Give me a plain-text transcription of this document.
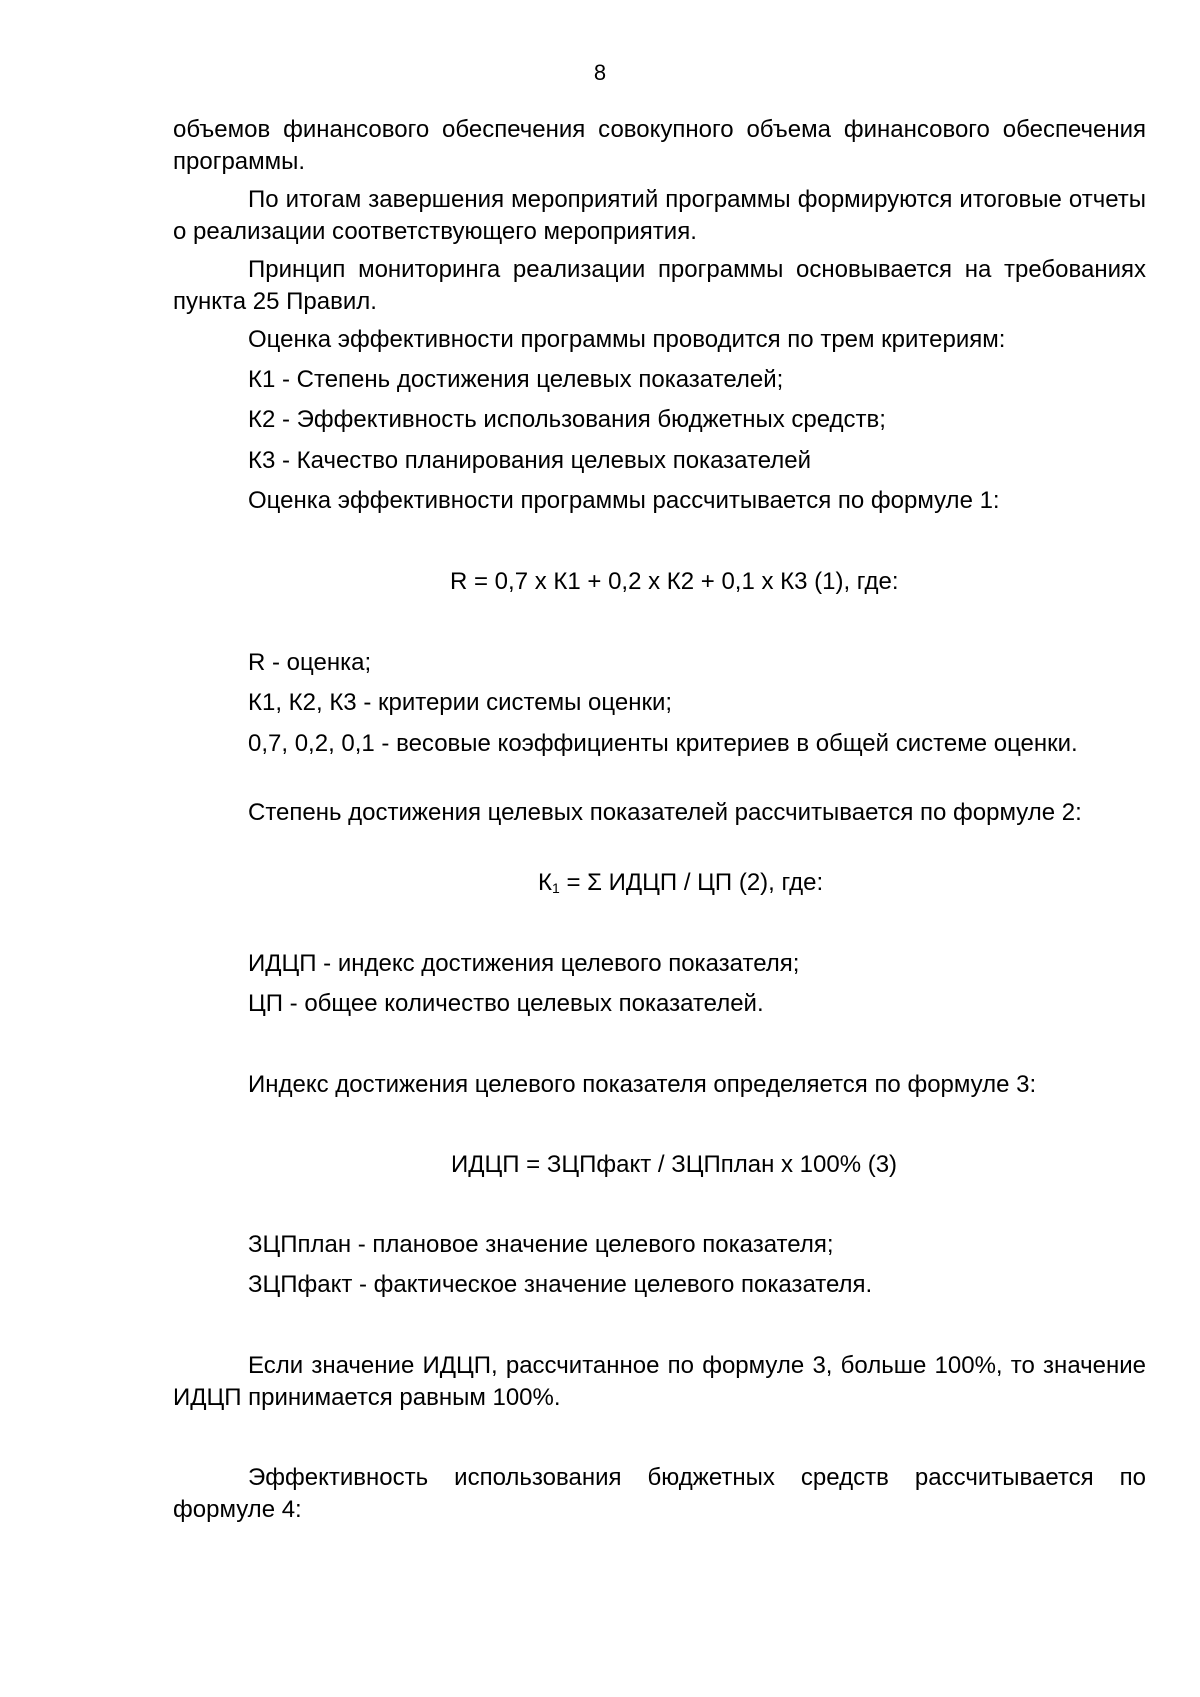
8

объемов финансового обеспечения совокупного объема финансового обеспечения программы.

По итогам завершения мероприятий программы формируются итоговые отчеты о реализации соответствующего мероприятия.

Принцип мониторинга реализации программы основывается на требованиях пункта 25 Правил.

Оценка эффективности программы проводится по трем критериям:

К1 - Степень достижения целевых показателей;

К2 - Эффективность использования бюджетных средств;

К3 - Качество планирования целевых показателей

Оценка эффективности программы рассчитывается по формуле 1:

R = 0,7 х К1 + 0,2 х К2 + 0,1 х К3 (1), где:

R - оценка;

К1, К2, К3 - критерии системы оценки;

0,7, 0,2, 0,1 - весовые коэффициенты критериев в общей системе оценки.

Степень достижения целевых показателей рассчитывается по формуле 2:

$К_1 = \Sigma$ ИДЦП / ЦП (2), где:

ИДЦП - индекс достижения целевого показателя;

ЦП - общее количество целевых показателей.

Индекс достижения целевого показателя определяется по формуле 3:

ИДЦП = ЗЦПфакт / ЗЦПплан х 100% (3)

ЗЦПплан - плановое значение целевого показателя;

ЗЦПфакт - фактическое значение целевого показателя.

Если значение ИДЦП, рассчитанное по формуле 3, больше 100%, то значение ИДЦП принимается равным 100%.

Эффективность использования бюджетных средств рассчитывается по формуле 4:
